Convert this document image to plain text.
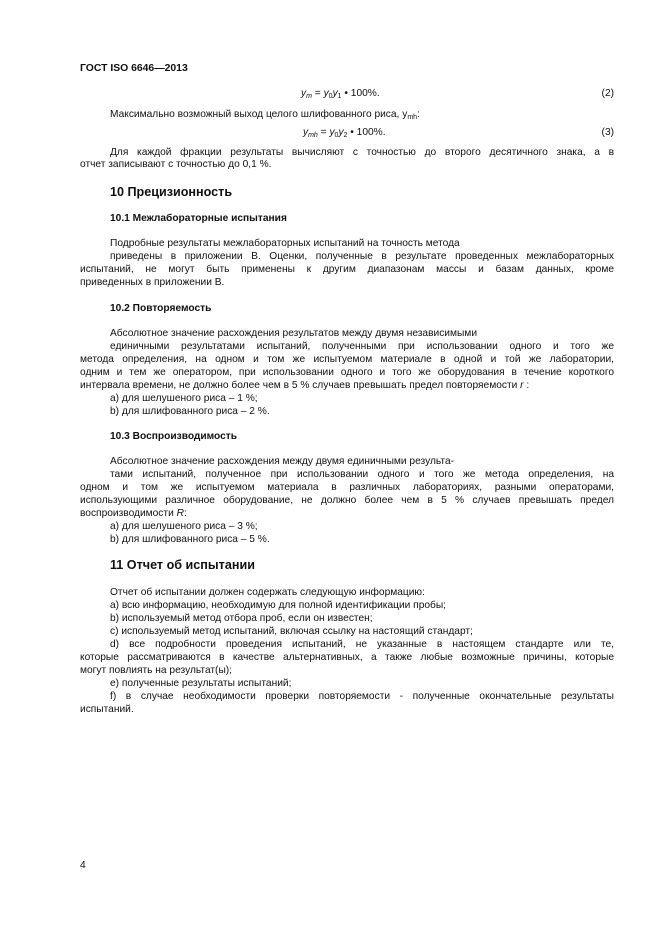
ГОСТ ISO 6646—2013
$y_m = y_0y_1$ • 100%.	(2)
Максимально возможный выход целого шлифованного риса, $y_{mh}$:
$y_{mh} = y_0y_2$ • 100%.	(3)
Для каждой фракции результаты вычисляют с точностью до второго десятичного знака, а в
отчет записывают с точностью до 0,1 %.
10 Прецизионность
10.1 Межлабораторные испытания
Подробные результаты межлабораторных испытаний на точность метода
приведены в приложении В. Оценки, полученные в результате проведенных межлабораторных
испытаний, не могут быть применены к другим диапазонам массы и базам данных, кроме
приведенных в приложении В.
10.2 Повторяемость
Абсолютное значение расхождения результатов между двумя независимыми
единичными результатами испытаний, полученными при использовании одного и того же
метода определения, на одном и том же испытуемом материале в одной и той же лаборатории,
одним и тем же оператором, при использовании одного и того же оборудования в течение короткого
интервала времени, не должно более чем в 5 % случаев превышать предел повторяемости r :
a) для шелушеного риса – 1 %;
b) для шлифованного риса – 2 %.
10.3 Воспроизводимость
Абсолютное значение расхождения между двумя единичными результа-
тами испытаний, полученное при использовании одного и того же метода определения, на
одном и том же испытуемом материала в различных лабораториях, разными операторами,
использующими различное оборудование, не должно более чем в 5 % случаев превышать предел
воспроизводимости R:
a) для шелушеного риса – 3 %;
b) для шлифованного риса – 5 %.
11 Отчет об испытании
Отчет об испытании должен содержать следующую информацию:
a) всю информацию, необходимую для полной идентификации пробы;
b) используемый метод отбора проб, если он известен;
c) используемый метод испытаний, включая ссылку на настоящий стандарт;
d) все подробности проведения испытаний, не указанные в настоящем стандарте или те,
которые рассматриваются в качестве альтернативных, а также любые возможные причины, которые
могут повлиять на результат(ы);
e) полученные результаты испытаний;
f) в случае необходимости проверки повторяемости - полученные окончательные результаты
испытаний.
4
